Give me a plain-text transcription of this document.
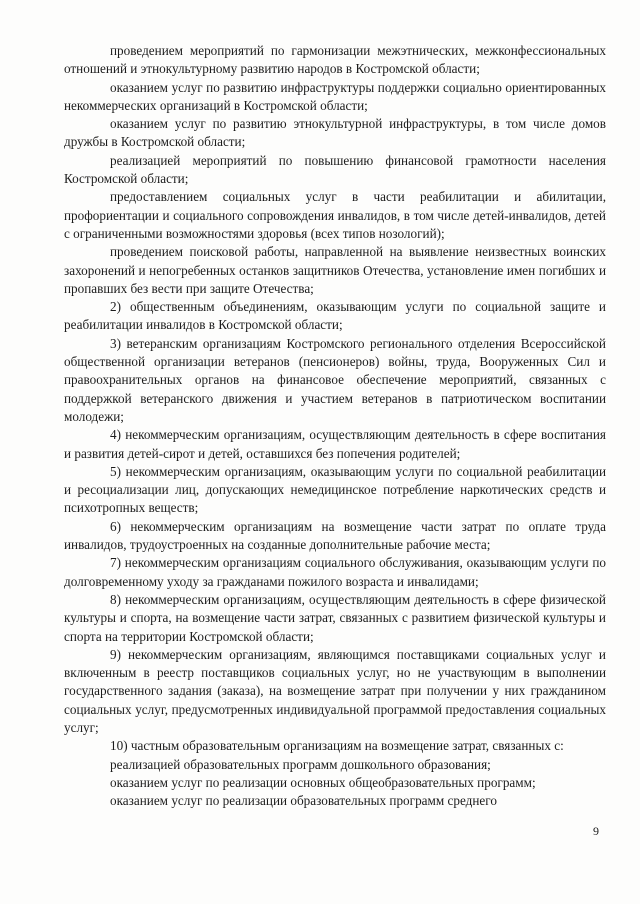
проведением мероприятий по гармонизации межэтнических, межконфессиональных отношений и этнокультурному развитию народов в Костромской области;

оказанием услуг по развитию инфраструктуры поддержки социально ориентированных некоммерческих организаций в Костромской области;

оказанием услуг по развитию этнокультурной инфраструктуры, в том числе домов дружбы в Костромской области;

реализацией мероприятий по повышению финансовой грамотности населения Костромской области;

предоставлением социальных услуг в части реабилитации и абилитации, профориентации и социального сопровождения инвалидов, в том числе детей-инвалидов, детей с ограниченными возможностями здоровья (всех типов нозологий);

проведением поисковой работы, направленной на выявление неизвестных воинских захоронений и непогребенных останков защитников Отечества, установление имен погибших и пропавших без вести при защите Отечества;

2) общественным объединениям, оказывающим услуги по социальной защите и реабилитации инвалидов в Костромской области;

3) ветеранским организациям Костромского регионального отделения Всероссийской общественной организации ветеранов (пенсионеров) войны, труда, Вооруженных Сил и правоохранительных органов на финансовое обеспечение мероприятий, связанных с поддержкой ветеранского движения и участием ветеранов в патриотическом воспитании молодежи;

4) некоммерческим организациям, осуществляющим деятельность в сфере воспитания и развития детей-сирот и детей, оставшихся без попечения родителей;

5) некоммерческим организациям, оказывающим услуги по социальной реабилитации и ресоциализации лиц, допускающих немедицинское потребление наркотических средств и психотропных веществ;

6) некоммерческим организациям на возмещение части затрат по оплате труда инвалидов, трудоустроенных на созданные дополнительные рабочие места;

7) некоммерческим организациям социального обслуживания, оказывающим услуги по долговременному уходу за гражданами пожилого возраста и инвалидами;

8) некоммерческим организациям, осуществляющим деятельность в сфере физической культуры и спорта, на возмещение части затрат, связанных с развитием физической культуры и спорта на территории Костромской области;

9) некоммерческим организациям, являющимся поставщиками социальных услуг и включенным в реестр поставщиков социальных услуг, но не участвующим в выполнении государственного задания (заказа), на возмещение затрат при получении у них гражданином социальных услуг, предусмотренных индивидуальной программой предоставления социальных услуг;

10) частным образовательным организациям на возмещение затрат, связанных с:

реализацией образовательных программ дошкольного образования;

оказанием услуг по реализации основных общеобразовательных программ;

оказанием услуг по реализации образовательных программ среднего

9
